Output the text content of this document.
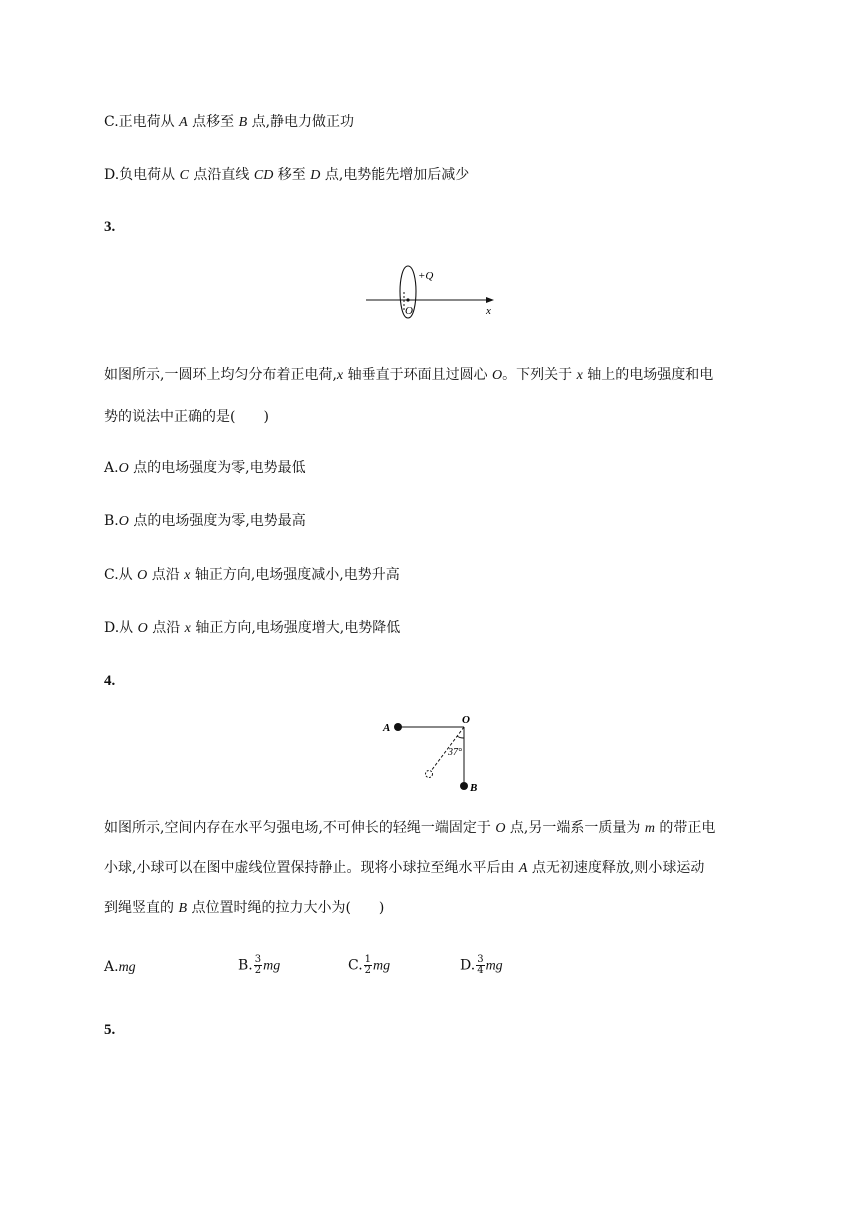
C.正电荷从 A 点移至 B 点,静电力做正功
D.负电荷从 C 点沿直线 CD 移至 D 点,电势能先增加后减少
3.
+Q
O	x
如图所示,一圆环上均匀分布着正电荷,x 轴垂直于环面且过圆心 O。下列关于 x 轴上的电场强度和电
势的说法中正确的是(　　)
A.O 点的电场强度为零,电势最低
B.O 点的电场强度为零,电势最高
C.从 O 点沿 x 轴正方向,电场强度减小,电势升高
D.从 O 点沿 x 轴正方向,电场强度增大,电势降低
4.
A
O
B
37°
如图所示,空间内存在水平匀强电场,不可伸长的轻绳一端固定于 O 点,另一端系一质量为 m 的带正电
小球,小球可以在图中虚线位置保持静止。现将小球拉至绳水平后由 A 点无初速度释放,则小球运动
到绳竖直的 B 点位置时绳的拉力大小为(　　)
A.mg	B. $\frac{3}{2}$ mg	C. $\frac{1}{2}$ mg	D. $\frac{3}{4}$ mg
5.
